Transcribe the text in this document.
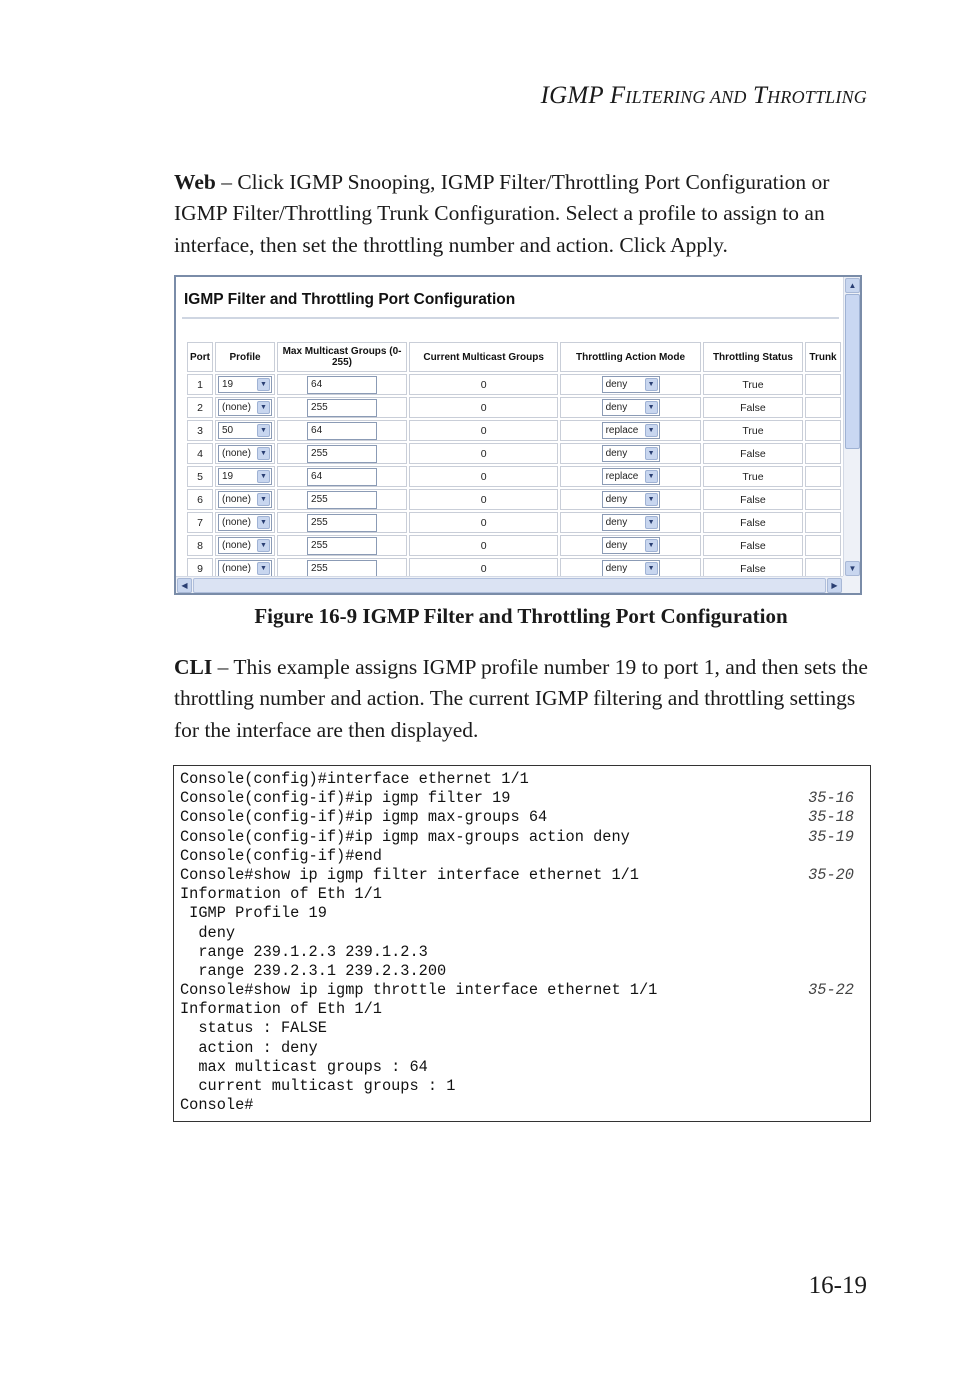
IGMP FILTERING AND THROTTLING
Web – Click IGMP Snooping, IGMP Filter/Throttling Port Configuration or IGMP Filter/Throttling Trunk Configuration. Select a profile to assign to an interface, then set the throttling number and action. Click Apply.
IGMP Filter and Throttling Port Configuration
Port	Profile	Max Multicast Groups (0-255)	Current Multicast Groups	Throttling Action Mode	Throttling Status	Trunk
1	19 ▼	64	0	deny ▼	True	
2	(none) ▼	255	0	deny ▼	False	
3	50 ▼	64	0	replace ▼	True	
4	(none) ▼	255	0	deny ▼	False	
5	19 ▼	64	0	replace ▼	True	
6	(none) ▼	255	0	deny ▼	False	
7	(none) ▼	255	0	deny ▼	False	
8	(none) ▼	255	0	deny ▼	False	
9	(none) ▼	255	0	deny ▼	False	
▲
▼
◀	▶
Figure 16-9 IGMP Filter and Throttling Port Configuration
CLI – This example assigns IGMP profile number 19 to port 1, and then sets the throttling number and action. The current IGMP filtering and throttling settings for the interface are then displayed.
Console(config)#interface ethernet 1/1
Console(config-if)#ip igmp filter 19	35-16
Console(config-if)#ip igmp max-groups 64	35-18
Console(config-if)#ip igmp max-groups action deny	35-19
Console(config-if)#end
Console#show ip igmp filter interface ethernet 1/1	35-20
Information of Eth 1/1
IGMP Profile 19
deny
range 239.1.2.3 239.1.2.3
range 239.2.3.1 239.2.3.200
Console#show ip igmp throttle interface ethernet 1/1	35-22
Information of Eth 1/1
status : FALSE
action : deny
max multicast groups : 64
current multicast groups : 1
Console#
16-19
